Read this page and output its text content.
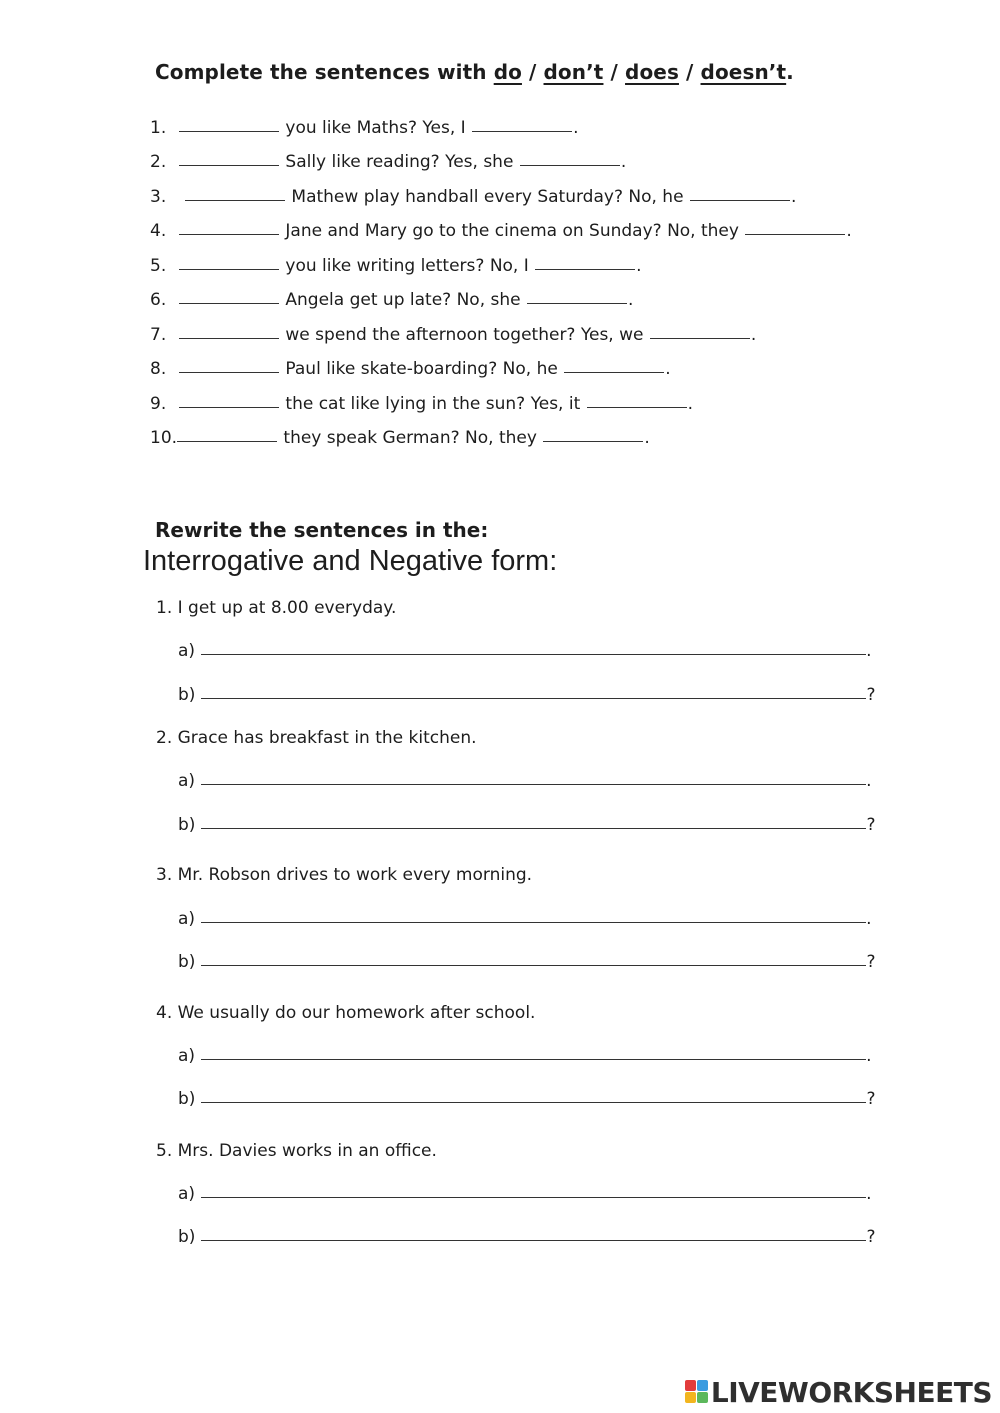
Complete the sentences with do / don’t / does / doesn’t.
1.	you like Maths? Yes, I	.
2.	Sally like reading? Yes, she	.
3.	Mathew play handball every Saturday? No, he	.
4.	Jane and Mary go to the cinema on Sunday? No, they	.
5.	you like writing letters? No, I	.
6.	Angela get up late? No, she	.
7.	we spend the afternoon together? Yes, we	.
8.	Paul like skate-boarding? No, he	.
9.	the cat like lying in the sun? Yes, it	.
10.	they speak German? No, they	.
Rewrite the sentences in the:
Interrogative and Negative form:
1. I get up at 8.00 everyday.
a)	.
b)	?
2. Grace has breakfast in the kitchen.
a)	.
b)	?
3. Mr. Robson drives to work every morning.
a)	.
b)	?
4. We usually do our homework after school.
a)	.
b)	?
5. Mrs. Davies works in an office.
a)	.
b)	?
LIVEWORKSHEETS
